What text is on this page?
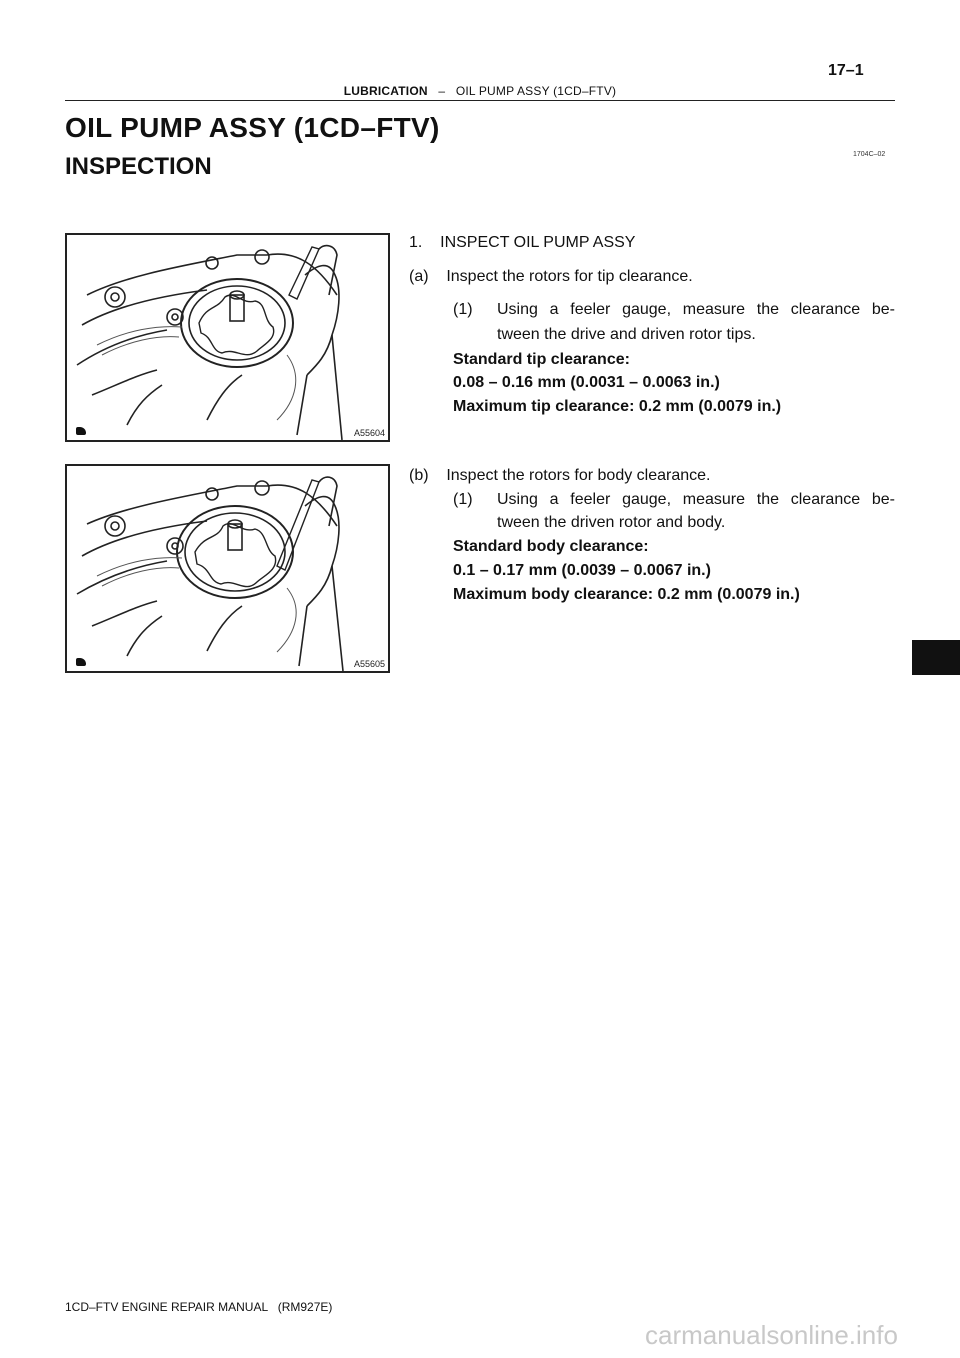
17–1
LUBRICATION – OIL PUMP ASSY (1CD–FTV)
OIL PUMP ASSY (1CD–FTV)
1704C–02
INSPECTION
A55604
A55605
1.    INSPECT OIL PUMP ASSY
(a)    Inspect the rotors for tip clearance.
(1) Using a feeler gauge, measure the clearance be-
tween the drive and driven rotor tips.
Standard tip clearance:
0.08 – 0.16 mm (0.0031 – 0.0063 in.)
Maximum tip clearance: 0.2 mm (0.0079 in.)
(b)    Inspect the rotors for body clearance.
(1) Using a feeler gauge, measure the clearance be-
tween the driven rotor and body.
Standard body clearance:
0.1 – 0.17 mm (0.0039 – 0.0067 in.)
Maximum body clearance: 0.2 mm (0.0079 in.)
1CD–FTV ENGINE REPAIR MANUAL   (RM927E)
carmanualsonline.info
